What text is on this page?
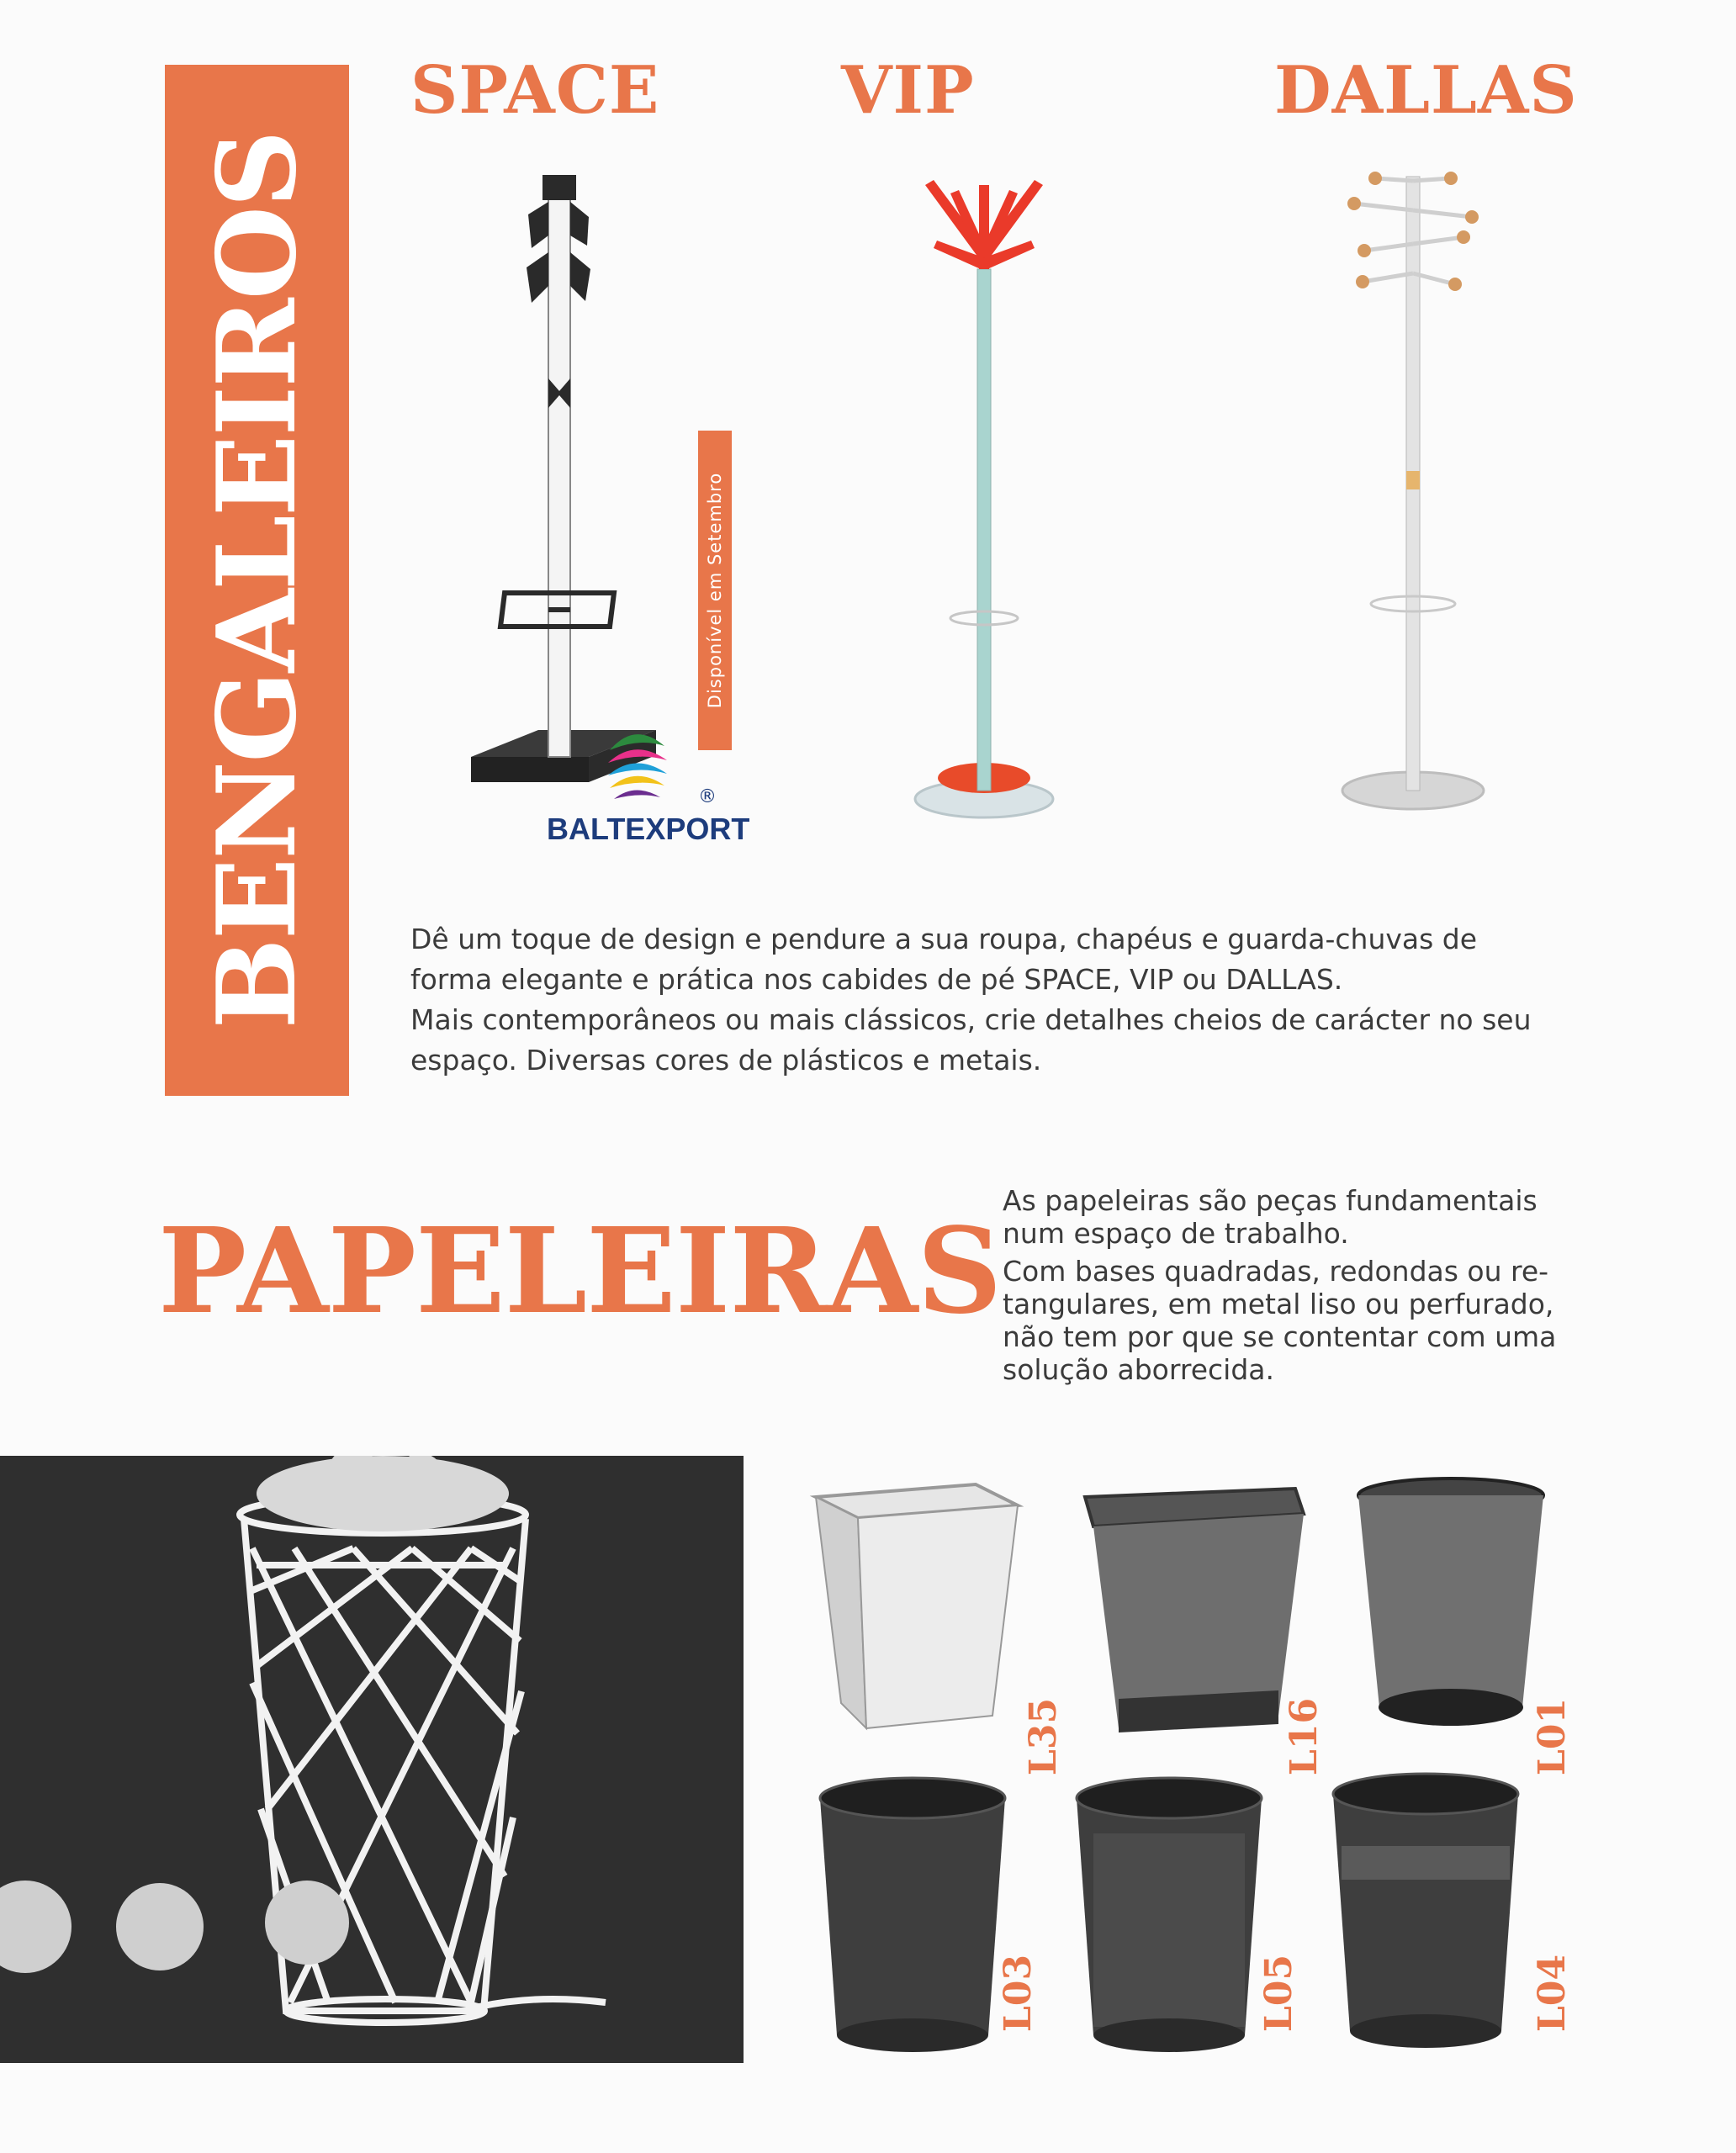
BENGALEIROS
SPACE	VIP	DALLAS
Disponível em Setembro
BALTEXPORT
®

Dê um toque de design e pendure a sua roupa, chapéus e guarda-chuvas de forma elegante e prática nos cabides de pé SPACE, VIP ou DALLAS.

Mais contemporâneos ou mais clássicos, crie detalhes cheios de carácter no seu espaço. Diversas cores de plásticos e metais.

PAPELEIRAS

As papeleiras são peças fundamentais num espaço de trabalho.

Com bases quadradas, redondas ou re-tangulares, em metal liso ou perfurado, não tem por que se contentar com uma solução aborrecida.

L35	L16	L01
L03	L05	L04
